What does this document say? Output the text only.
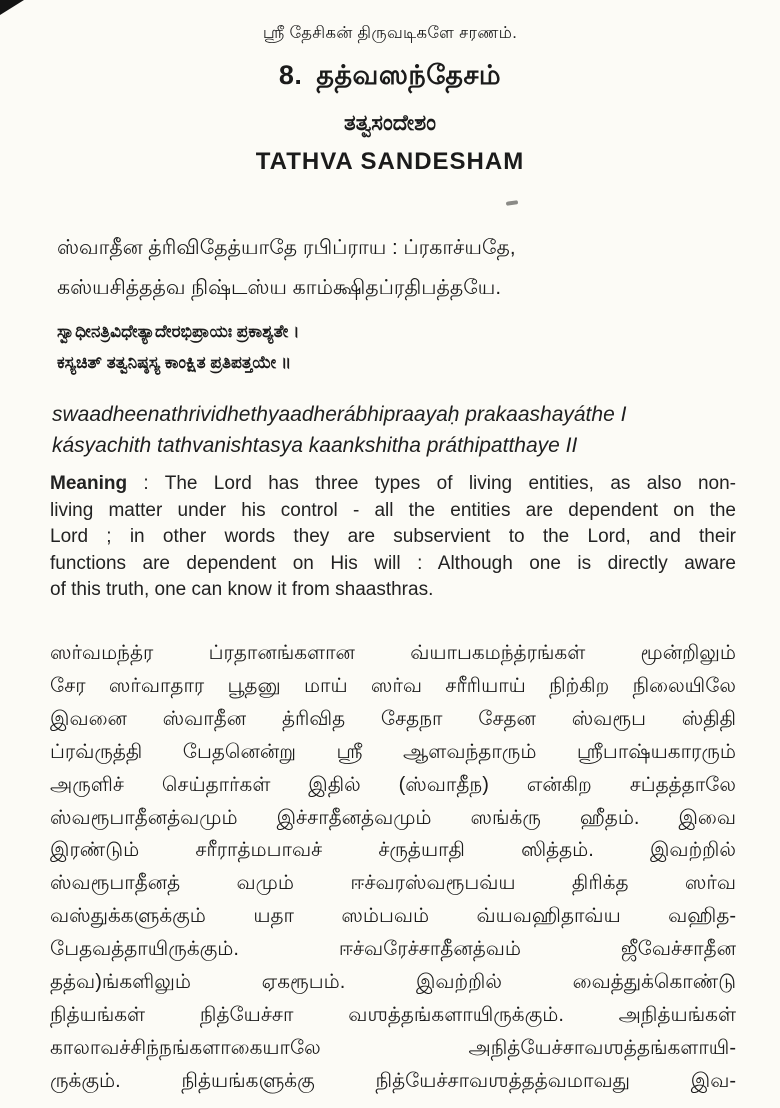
ஸ்ரீ தேசிகன் திருவடிகளே சரணம்.
8. தத்வஸந்தேசம்
ತತ್ವಸಂದೇಶಂ
TATHVA SANDESHAM
ஸ்வாதீன த்ரிவிதேத்யாதே ரபிப்ராய : ப்ரகாச்யதே,
கஸ்யசித்தத்வ நிஷ்டஸ்ய காம்க்ஷிதப்ரதிபத்தயே.
ಸ್ವಾಧೀನತ್ರಿವಿಧೇತ್ಯಾದೇರಭಿಪ್ರಾಯಃ ಪ್ರಕಾಶ್ಯತೇ ।
ಕಸ್ಯಚಿತ್ ತತ್ವನಿಷ್ಠಸ್ಯ ಕಾಂಕ್ಷಿತ ಪ್ರತಿಪತ್ತಯೇ ॥
swaadheenathrividhethyaadherábhipraayaḥ prakaashayáthe I
kásyachith tathvanishtasya kaankshitha práthipatthaye II
Meaning : The Lord has three types of living entities, as also non-
living matter under his control - all the entities are dependent on the
Lord ; in other words they are subservient to the Lord, and their
functions are dependent on His will : Although one is directly aware
of this truth, one can know it from shaasthras.
ஸர்வமந்த்ர ப்ரதானங்களான வ்யாபகமந்த்ரங்கள் மூன்றிலும்
சேர ஸர்வாதார பூதனு மாய் ஸர்வ சரீரியாய் நிற்கிற நிலையிலே
இவனை ஸ்வாதீன த்ரிவித சேதநா சேதன ஸ்வரூப ஸ்திதி
ப்ரவ்ருத்தி பேதனென்று ஸ்ரீ ஆளவந்தாரும் ஸ்ரீபாஷ்யகாரரும்
அருளிச் செய்தார்கள் இதில் (ஸ்வாதீந) என்கிற சப்தத்தாலே
ஸ்வரூபாதீனத்வமும் இச்சாதீனத்வமும் ஸங்க்ரு ஹீதம். இவை
இரண்டும் சரீராத்மபாவச் ச்ருத்யாதி ஸித்தம். இவற்றில்
ஸ்வரூபாதீனத் வமும் ஈச்வரஸ்வரூபவ்ய திரிக்த ஸர்வ
வஸ்துக்களுக்கும் யதா ஸம்பவம் வ்யவஹிதாவ்ய வஹித-
பேதவத்தாயிருக்கும். ஈச்வரேச்சாதீனத்வம் ஜீவேச்சாதீன
தத்வ)ங்களிலும் ஏகரூபம். இவற்றில் வைத்துக்கொண்டு
நித்யங்கள் நித்யேச்சா வஶத்தங்களாயிருக்கும். அநித்யங்கள்
காலாவச்சிந்நங்களாகையாலே அநித்யேச்சாவஶத்தங்களாயி-
ருக்கும். நித்யங்களுக்கு நித்யேச்சாவஶத்தத்வமாவது இவ-
